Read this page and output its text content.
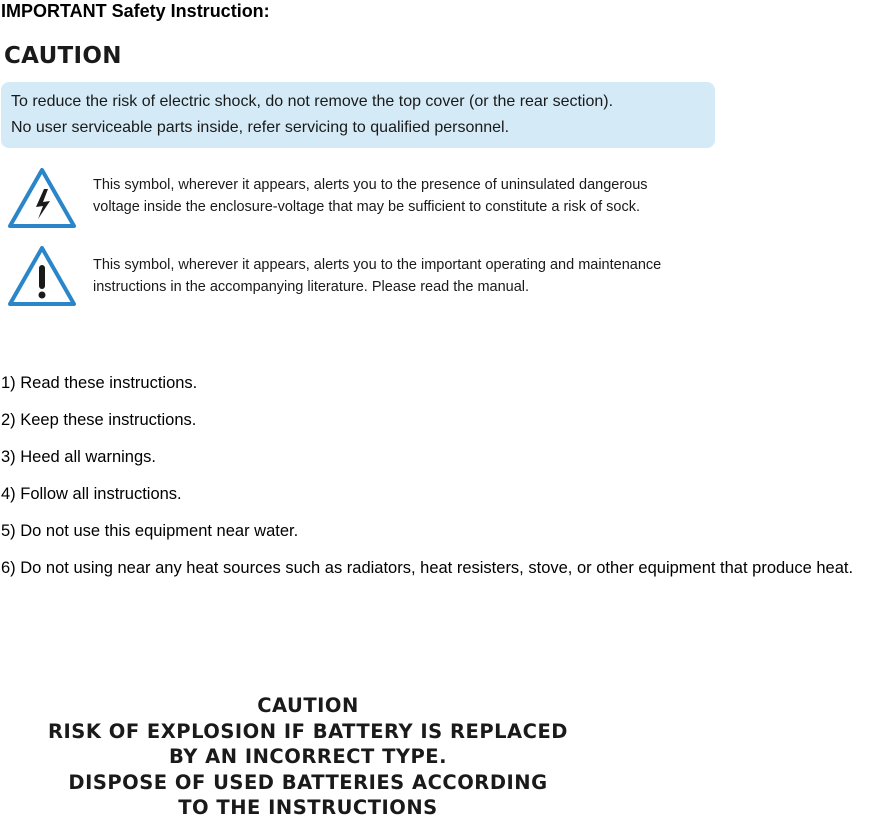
IMPORTANT Safety Instruction:
CAUTION
To reduce the risk of electric shock, do not remove the top cover (or the rear section).
No user serviceable parts inside, refer servicing to qualified personnel.
This symbol, wherever it appears, alerts you to the presence of uninsulated dangerous
voltage inside the enclosure-voltage that may be sufficient to constitute a risk of sock.
This symbol, wherever it appears, alerts you to the important operating and maintenance
instructions in the accompanying literature. Please read the manual.
1) Read these instructions.
2) Keep these instructions.
3) Heed all warnings.
4) Follow all instructions.
5) Do not use this equipment near water.
6) Do not using near any heat sources such as radiators, heat resisters, stove, or other equipment that produce heat.
CAUTION
RISK OF EXPLOSION IF BATTERY IS REPLACED
BY AN INCORRECT TYPE.
DISPOSE OF USED BATTERIES ACCORDING
TO THE INSTRUCTIONS
